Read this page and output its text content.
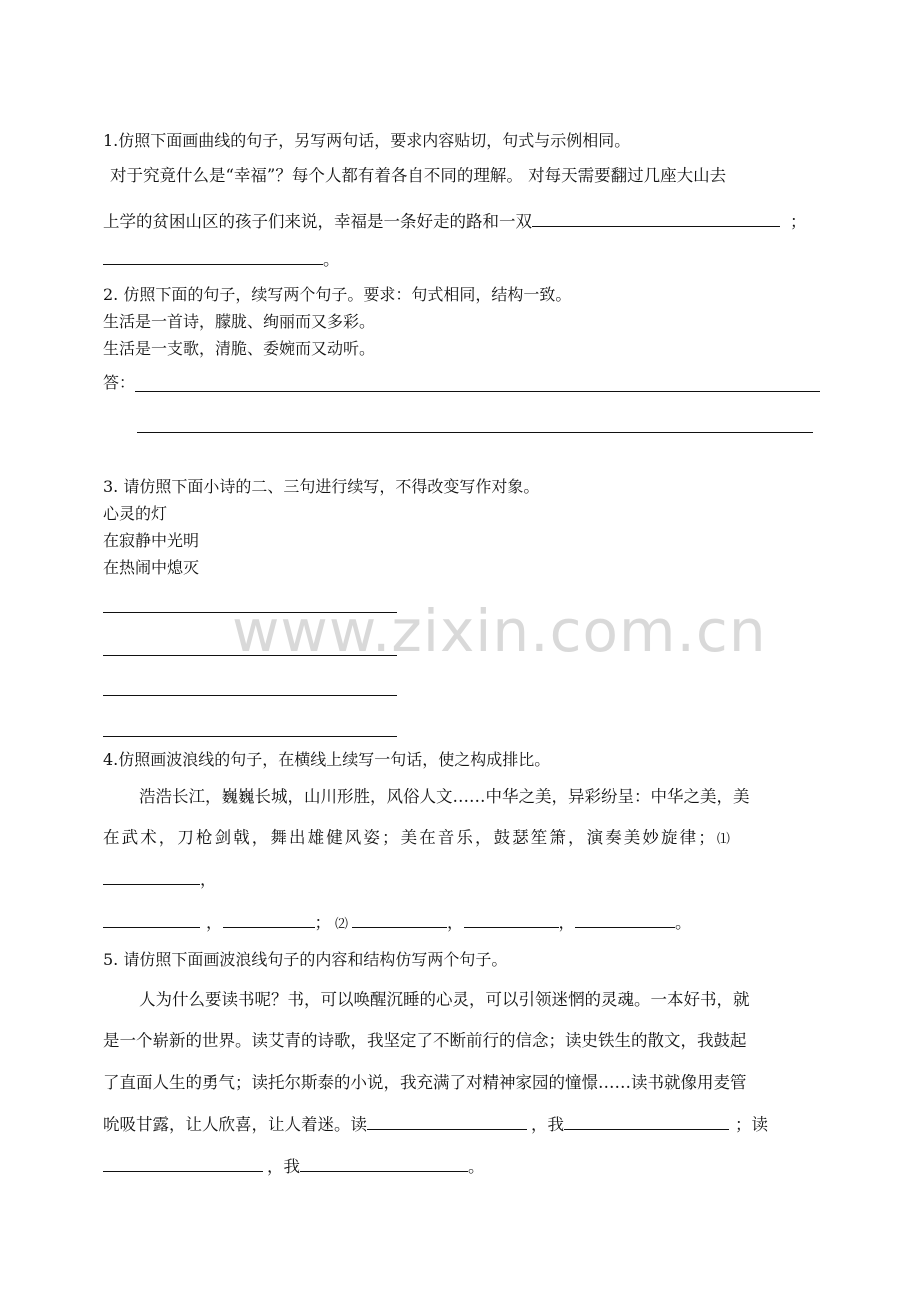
www.zixin.com.cn
1.仿照下面画曲线的句子，另写两句话，要求内容贴切，句式与示例相同。
对于究竟什么是“幸福”？每个人都有着各自不同的理解。 对每天需要翻过几座大山去
上学的贫困山区的孩子们来说，幸福是一条好走的路和一双	；
。
2. 仿照下面的句子，续写两个句子。要求：句式相同，结构一致。
生活是一首诗，朦胧、绚丽而又多彩。
生活是一支歌，清脆、委婉而又动听。
答：
3. 请仿照下面小诗的二、三句进行续写，不得改变写作对象。
心灵的灯
在寂静中光明
在热闹中熄灭
4.仿照画波浪线的句子，在横线上续写一句话，使之构成排比。
浩浩长江，巍巍长城，山川形胜，风俗人文……中华之美，异彩纷呈：中华之美，美
在武术，刀枪剑戟，舞出雄健风姿；美在音乐，鼓瑟笙箫，演奏美妙旋律；⑴
，
，	； ⑵	，	，	。
5. 请仿照下面画波浪线句子的内容和结构仿写两个句子。
人为什么要读书呢？书，可以唤醒沉睡的心灵，可以引领迷惘的灵魂。一本好书，就
是一个崭新的世界。读艾青的诗歌，我坚定了不断前行的信念；读史铁生的散文，我鼓起
了直面人生的勇气；读托尔斯泰的小说，我充满了对精神家园的憧憬……读书就像用麦管
吮吸甘露，让人欣喜，让人着迷。读	，我	；读
，我	。
